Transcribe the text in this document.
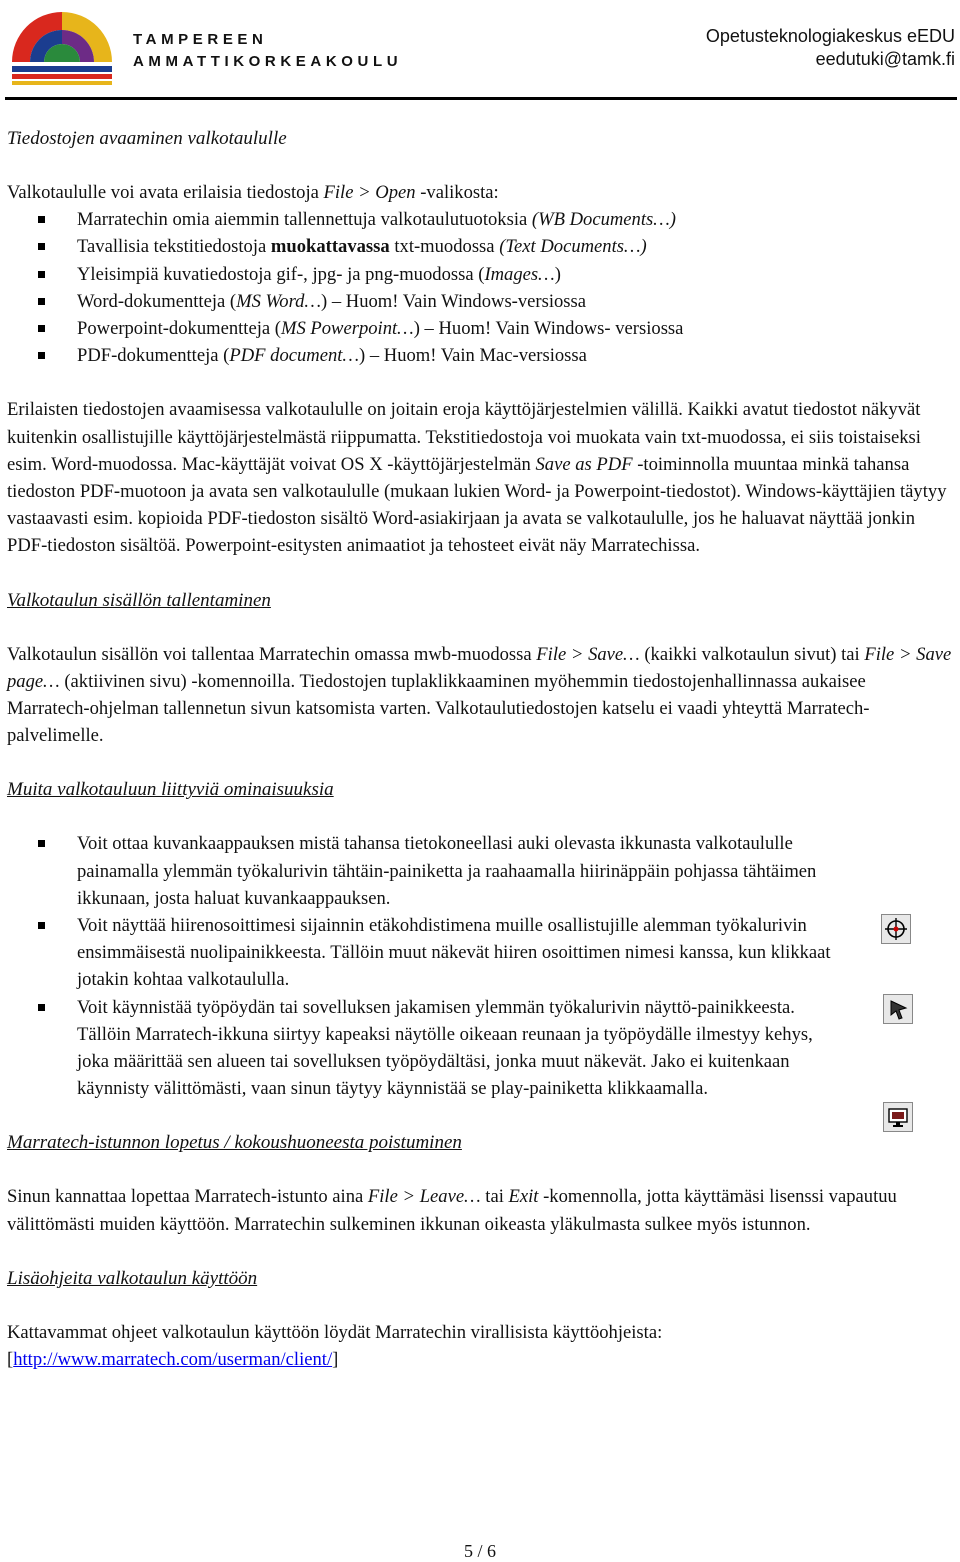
TAMPEREEN
AMMATTIKORKEAKOULU
Opetusteknologiakeskus eEDU
eedutuki@tamk.fi
Tiedostojen avaaminen valkotaululle

Valkotaululle voi avata erilaisia tiedostoja File > Open -valikosta:

Marratechin omia aiemmin tallennettuja valkotaulutuotoksia (WB Documents…)
Tavallisia tekstitiedostoja muokattavassa txt-muodossa (Text Documents…)
Yleisimpiä kuvatiedostoja gif-, jpg- ja png-muodossa (Images…)
Word-dokumentteja (MS Word…) – Huom! Vain Windows-versiossa
Powerpoint-dokumentteja (MS Powerpoint…) – Huom! Vain Windows- versiossa
PDF-dokumentteja (PDF document…) – Huom! Vain Mac-versiossa

Erilaisten tiedostojen avaamisessa valkotaululle on joitain eroja käyttöjärjestelmien välillä. Kaikki avatut tiedostot näkyvät kuitenkin osallistujille käyttöjärjestelmästä riippumatta. Tekstitiedostoja voi muokata vain txt-muodossa, ei siis toistaiseksi esim. Word-muodossa. Mac-käyttäjät voivat OS X -käyttöjärjestelmän Save as PDF -toiminnolla muuntaa minkä tahansa tiedoston PDF-muotoon ja avata sen valkotaululle (mukaan lukien Word- ja Powerpoint-tiedostot). Windows-käyttäjien täytyy vastaavasti esim. kopioida PDF-tiedoston sisältö Word-asiakirjaan ja avata se valkotaululle, jos he haluavat näyttää jonkin PDF-tiedoston sisältöä. Powerpoint-esitysten animaatiot ja tehosteet eivät näy Marratechissa.

Valkotaulun sisällön tallentaminen

Valkotaulun sisällön voi tallentaa Marratechin omassa mwb-muodossa File > Save… (kaikki valkotaulun sivut) tai File > Save page… (aktiivinen sivu) -komennoilla. Tiedostojen tuplaklikkaaminen myöhemmin tiedostojenhallinnassa aukaisee Marratech-ohjelman tallennetun sivun katsomista varten. Valkotaulutiedostojen katselu ei vaadi yhteyttä Marratech-palvelimelle.

Muita valkotauluun liittyviä ominaisuuksia
Voit ottaa kuvankaappauksen mistä tahansa tietokoneellasi auki olevasta ikkunasta valkotaululle painamalla ylemmän työkalurivin tähtäin-painiketta ja raahaamalla hiirinäppäin pohjassa tähtäimen ikkunaan, josta haluat kuvankaappauksen.
Voit näyttää hiirenosoittimesi sijainnin etäkohdistimena muille osallistujille alemman työkalurivin ensimmäisestä nuolipainikkeesta. Tällöin muut näkevät hiiren osoittimen nimesi kanssa, kun klikkaat jotakin kohtaa valkotaululla.
Voit käynnistää työpöydän tai sovelluksen jakamisen ylemmän työkalurivin näyttö-painikkeesta. Tällöin Marratech-ikkuna siirtyy kapeaksi näytölle oikeaan reunaan ja työpöydälle ilmestyy kehys, joka määrittää sen alueen tai sovelluksen työpöydältäsi, jonka muut näkevät. Jako ei kuitenkaan käynnisty välittömästi, vaan sinun täytyy käynnistää se play-painiketta klikkaamalla.
Marratech-istunnon lopetus / kokoushuoneesta poistuminen

Sinun kannattaa lopettaa Marratech-istunto aina File > Leave… tai Exit -komennolla, jotta käyttämäsi lisenssi vapautuu välittömästi muiden käyttöön. Marratechin sulkeminen ikkunan oikeasta yläkulmasta sulkee myös istunnon.

Lisäohjeita valkotaulun käyttöön

Kattavammat ohjeet valkotaulun käyttöön löydät Marratechin virallisista käyttöohjeista:

[http://www.marratech.com/userman/client/]

5 / 6
